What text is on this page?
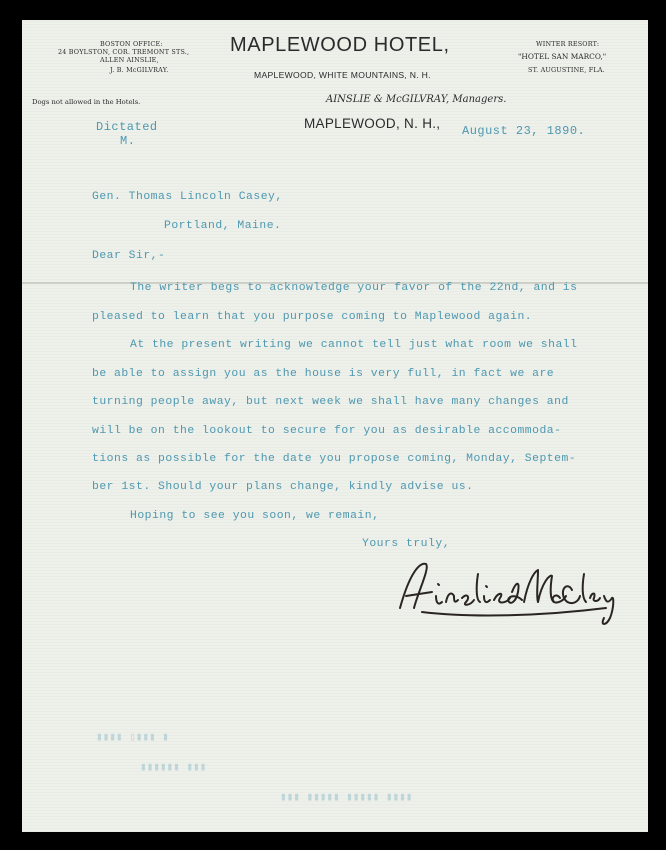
BOSTON OFFICE:
24 BOYLSTON, COR. TREMONT STS.,
ALLEN AINSLIE,
J. B. McGILVRAY.
Dogs not allowed in the Hotels.
MAPLEWOOD HOTEL,
MAPLEWOOD, WHITE MOUNTAINS, N. H.
AINSLIE & McGILVRAY, Managers.
WINTER RESORT:
"HOTEL SAN MARCO,"
ST. AUGUSTINE, FLA.
MAPLEWOOD, N. H.,
Dictated
M.
August 23, 1890.
Gen. Thomas Lincoln Casey,
Portland, Maine.
Dear Sir,-
The writer begs to acknowledge your favor of the 22nd, and is
pleased to learn that you purpose coming to Maplewood again.
At the present writing we cannot tell just what room we shall
be able to assign you as the house is very full, in fact we are
turning people away, but next week we shall have many changes and
will be on the lookout to secure for you as desirable accommoda-
tions as possible for the date you propose coming, Monday, Septem-
ber 1st. Should your plans change, kindly advise us.
Hoping to see you soon, we remain,
Yours truly,
▮▮▮▮ ▯▮▮▮ ▮
▮▮▮▮▮▮ ▮▮▮
▮▮▮ ▮▮▮▮▮ ▮▮▮▮▮ ▮▮▮▮
